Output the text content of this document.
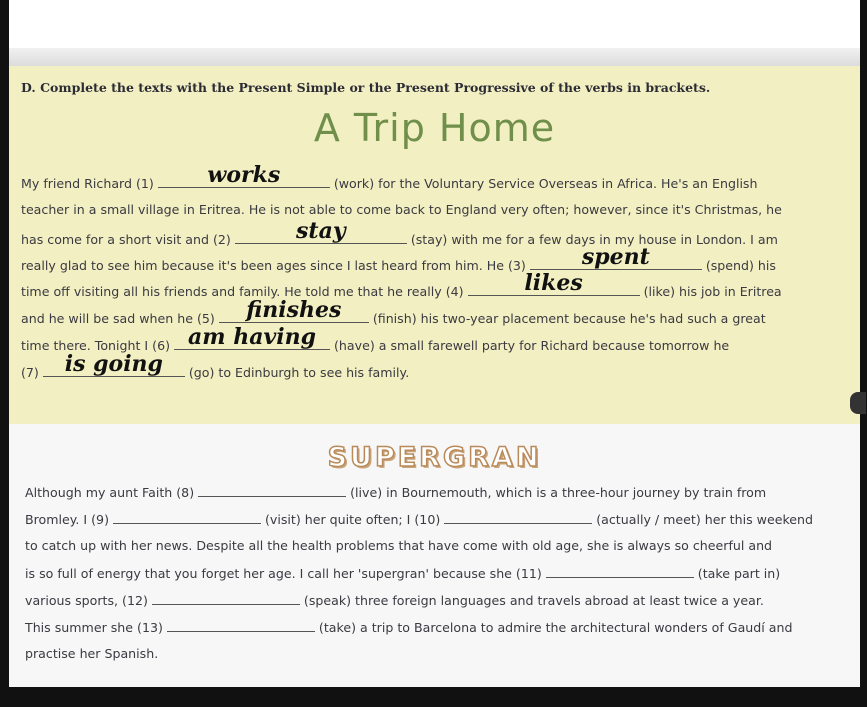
D. Complete the texts with the Present Simple or the Present Progressive of the verbs in brackets.
A Trip Home
My friend Richard (1)	works	(work) for the Voluntary Service Overseas in Africa. He's an English
teacher in a small village in Eritrea. He is not able to come back to England very often; however, since it's Christmas, he
has come for a short visit and (2)	stay	(stay) with me for a few days in my house in London. I am
really glad to see him because it's been ages since I last heard from him. He (3)	spent	(spend) his
time off visiting all his friends and family. He told me that he really (4)	likes	(like) his job in Eritrea
and he will be sad when he (5)	finishes	(finish) his two-year placement because he's had such a great
time there. Tonight I (6) am having	(have) a small farewell party for Richard because tomorrow he
(7) is going	(go) to Edinburgh to see his family.
SUPERGRAN
Although my aunt Faith (8)	(live) in Bournemouth, which is a three-hour journey by train from
Bromley. I (9)	(visit) her quite often; I (10)	(actually / meet) her this weekend
to catch up with her news. Despite all the health problems that have come with old age, she is always so cheerful and
is so full of energy that you forget her age. I call her 'supergran' because she (11)	(take part in)
various sports, (12)	(speak) three foreign languages and travels abroad at least twice a year.
This summer she (13)	(take) a trip to Barcelona to admire the architectural wonders of Gaudí and
practise her Spanish.
